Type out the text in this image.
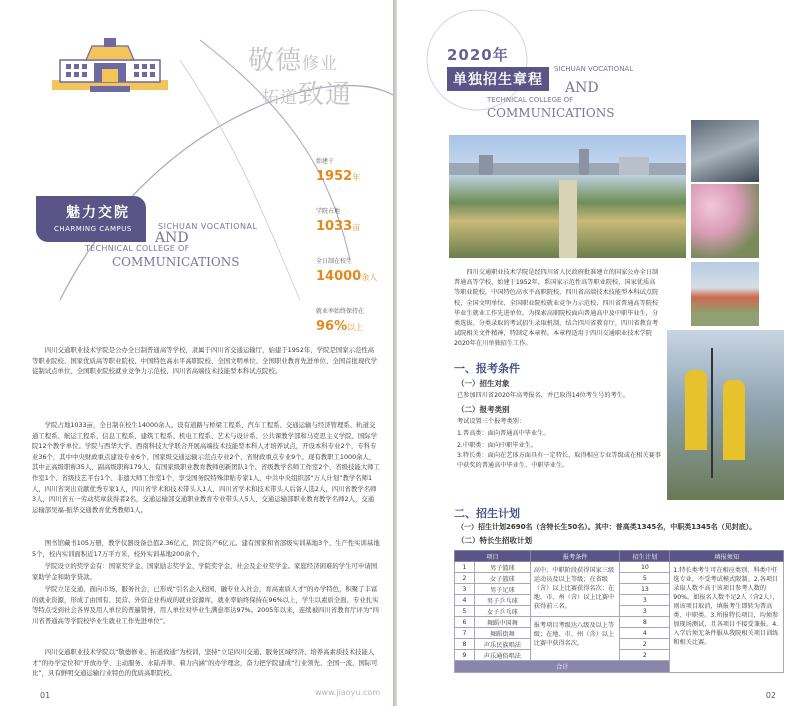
敬德修业
拓道致通
魅力交院
CHARMING CAMPUS	SICHUAN VOCATIONAL
AND
TECHNICAL COLLEGE OF
COMMUNICATIONS
始建于
1952年
学院占地
1033亩
全日制在校生
14000余人
就业率始终保持在
96%以上

四川交通职业技术学院是公办全日制普通高等学校，隶属于四川省交通运输厅，始建于1952年，学院是国家示范性高等职业院校、国家优质高等职业院校、中国特色高水平高职院校、全国文明单位、全国职业教育先进单位、全国首批现代学徒制试点单位、全国职业院校就业竞争力示范校、四川省高端技术技能型本科试点院校。

学院占地1033亩，全日制在校生14000余人。设有道路与桥梁工程系、汽车工程系、交通运输与经济管理系、轨道交通工程系、航运工程系、信息工程系、建筑工程系、机电工程系、艺术与设计系、公共课教学部和马克思主义学院、国际学院12个教学单位。学院与西华大学、西南科技大学联合开展高端技术技能型本科人才培养试点，开设本科专业2个，专科专业36个，其中中央财政重点建设专业6个、国家级交通运输示范点专业2个、省财政重点专业9个。现有教职工1000余人，其中正高级职称35人，副高级职称179人，有国家级职业教育教师创新团队1个、省级教学名师工作室2个、省级技能大师工作室1个、省级技艺平台1个、非遗大师工作室1个，享受国务院特殊津贴专家1人，中共中央组织部“万人计划”教学名师1人，四川省突出贡献优秀专家1人，四川省学术和技术带头人1人，四川省学术和技术带头人后备人选2人，四川省教学名师3人，四川省五一劳动奖章获得者2名，交通运输部交通职业教育专业带头人5人、交通运输部职业教育教学名师2人，交通运输部吴福-振华交通教育优秀教师1人。

图书馆藏书105万册，教学仪器设备总值2.36亿元，固定资产6亿元。建有国家和省部级实训基地3个、生产性实训基地5个，校内实训面积近17万平方米，校外实训基地200余个。

学院设立的奖学金有：国家奖学金、国家励志奖学金、学院奖学金、社会及企业奖学金。家庭经济困难的学生可申请国家助学金和助学贷款。

学院立足交通，面向市场，服务社会，已形成“引名企入校园，融专业入社会，育高素质人才”的办学特色，积聚了丰富的就业资源，形成了由国有、民营、外资企业构成的就业资源库，就业率始终保持在96%以上，学生以素质全面、专业扎实等特点受到社会各界及用人单位的普遍赞誉，用人单位对毕业生满意率达97%。2005年以来，连续被四川省教育厅评为“四川省普通高等学院校毕业生就业工作先进单位”。

四川交通职业技术学院以“敬德修业、拓道致通”为校训，坚持“立足四川交通、服务区域经济、培养高素质技术技能人才”的办学定位和“开放办学、主动服务、水陆并举、着力内涵”的办学理念，奋力把学院建成“行业领先、全国一流、国际可比”，具有鲜明交通运输行业特色的优质高职院校。

01
2020年
单独招生章程
SICHUAN VOCATIONAL
AND
TECHNICAL COLLEGE OF
COMMUNICATIONS

四川交通职业技术学院是经四川省人民政府批准建立的国家公办全日制普通高等学校，始建于1952年，系国家示范性高等职业院校，国家优质高等职业院校，中国特色高水平高职院校，四川省高端技术技能型本科试点院校，全国文明单位、全国职业院校就业竞争力示范校，四川省普通高等院校毕业生就业工作先进单位。为探索高职院校面向普通高中及中职毕业生，分类选拔、分类录取的考试招生录取机制，结合四川省教育厅，四川省教育考试院相关文件精神，特制定本章程。本章程适用于四川交通职业技术学院2020年在川单独招生工作。

一、报考条件
（一）招生对象
已参加四川省2020年高考报名，并已取得14位考生号的考生。
（二）报考类别
考试设置三个报考类别：
1.普高类：面向普通高中毕业生。
2.中职类：面向中职毕业生。

3.特长类：面向在艺体方面具有一定特长，取得相应专业等级或在相关赛事中获奖的普通高中毕业生、中职毕业生。

二、招生计划
（一）招生计划2690名（含特长生50名）。其中：普高类1345名，中职类1345名（见封底）。
（二）特长生招收计划
项目		报考条件	招生计划	填报须知
1	男子篮球	高中、中职阶段获得国家三级运动员及以上等级；在省级（含）以上比赛获得名次；在地、市、州（含）以上比赛中获得前三名。	10	1.特长类考生可在相应类别、科类中任选专业，不受考试模式限制。2.各项目录取人数不高于该项目参考人数的90%。如报名人数不足2人（含2人），则该项目取消，填报考生即转为普高类、中职类。3.所报特长项目，均须参加现场测试，且各项目不接受兼报。4.入学后须无条件服从我院相关项目训练和相关比赛。
2	女子篮球		5	
3	男子足球		13	
4	男子乒乓球		3	
5	女子乒乓球		3	
6	舞蹈中国舞	报考项目考级达八级及以上等级；在地、市、州（含）以上比赛中获得名次。	8	
7	舞蹈街舞		4	
8	声乐民族唱法		2	
9	声乐通俗唱法		2	
合计				
02
www.jiaoyu.com
